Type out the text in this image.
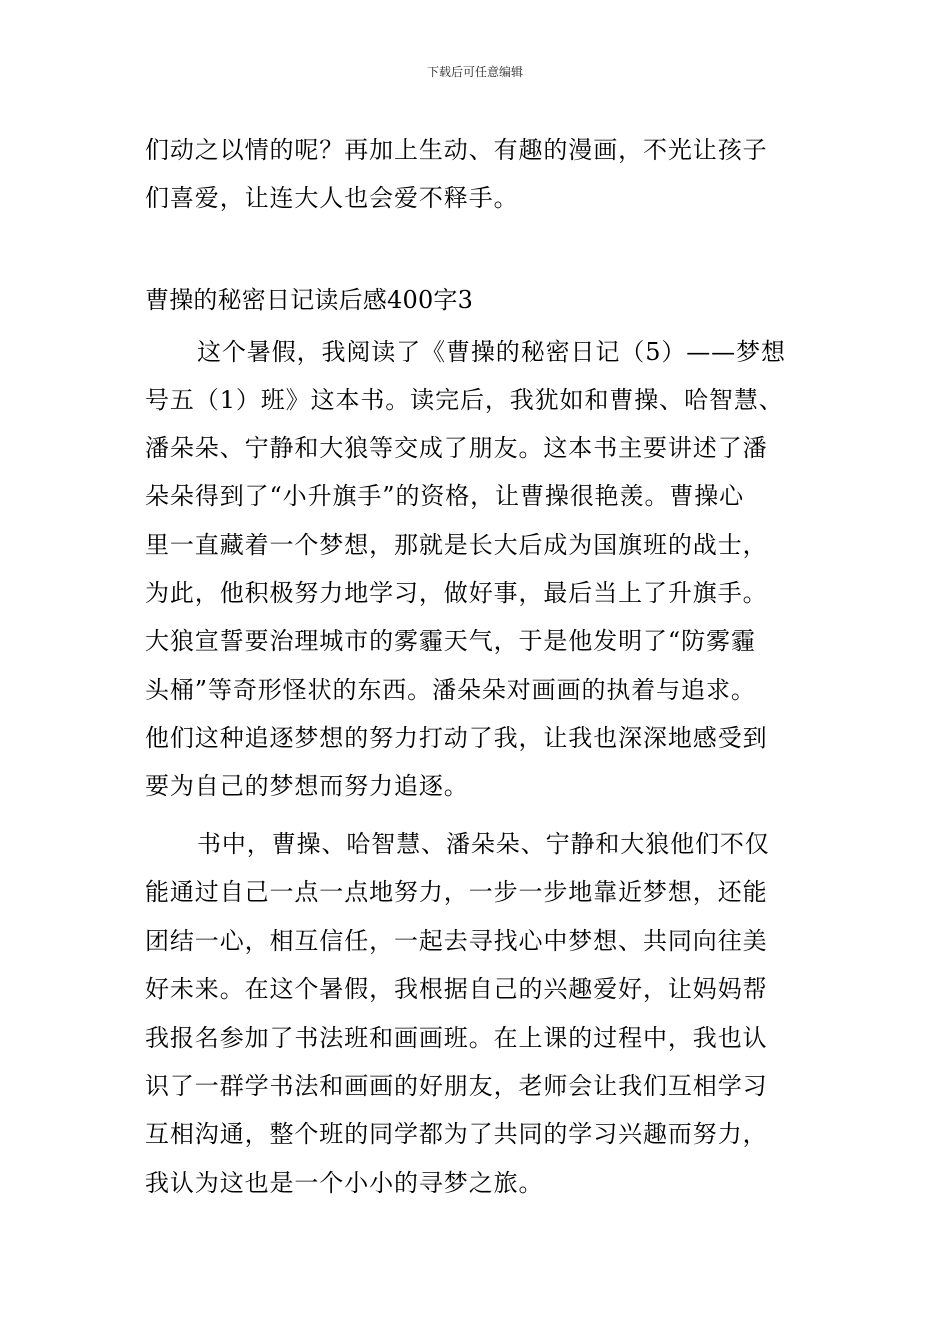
下载后可任意编辑
们动之以情的呢？再加上生动、有趣的漫画，不光让孩子
们喜爱，让连大人也会爱不释手。
曹操的秘密日记读后感400字3
这个暑假，我阅读了《曹操的秘密日记（5）——梦想
号五（1）班》这本书。读完后，我犹如和曹操、哈智慧、
潘朵朵、宁静和大狼等交成了朋友。这本书主要讲述了潘
朵朵得到了“小升旗手”的资格，让曹操很艳羡。曹操心
里一直藏着一个梦想，那就是长大后成为国旗班的战士，
为此，他积极努力地学习，做好事，最后当上了升旗手。
大狼宣誓要治理城市的雾霾天气，于是他发明了“防雾霾
头桶”等奇形怪状的东西。潘朵朵对画画的执着与追求。
他们这种追逐梦想的努力打动了我，让我也深深地感受到
要为自己的梦想而努力追逐。
书中，曹操、哈智慧、潘朵朵、宁静和大狼他们不仅
能通过自己一点一点地努力，一步一步地靠近梦想，还能
团结一心，相互信任，一起去寻找心中梦想、共同向往美
好未来。在这个暑假，我根据自己的兴趣爱好，让妈妈帮
我报名参加了书法班和画画班。在上课的过程中，我也认
识了一群学书法和画画的好朋友，老师会让我们互相学习
互相沟通，整个班的同学都为了共同的学习兴趣而努力，
我认为这也是一个小小的寻梦之旅。
